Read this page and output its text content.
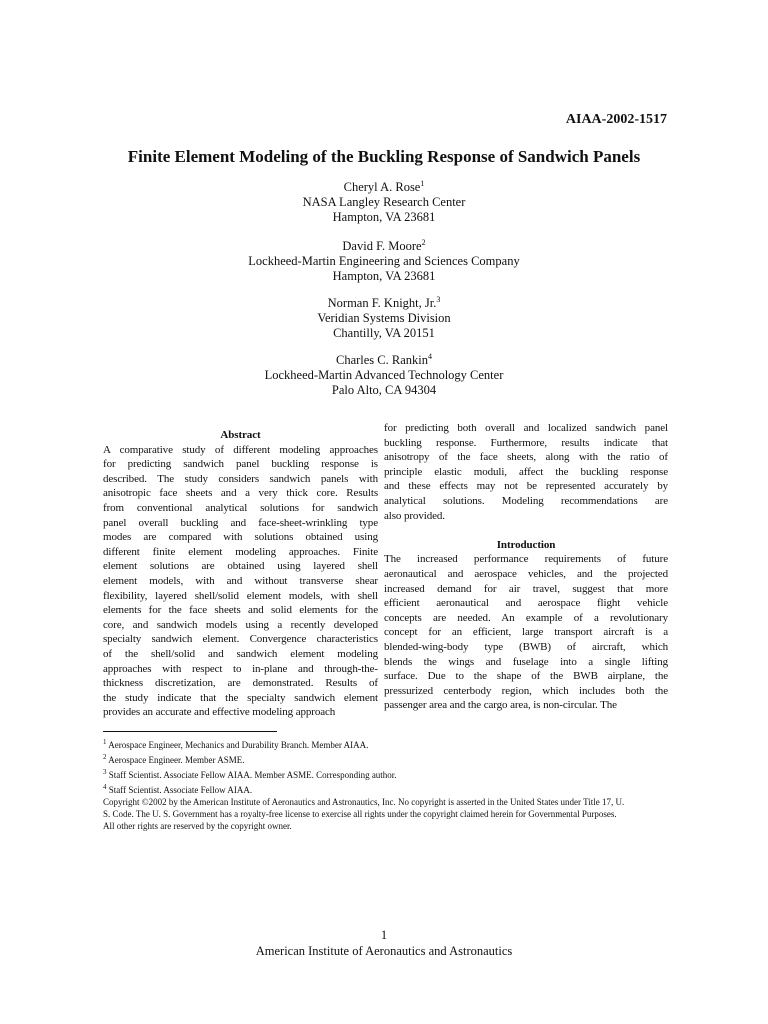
AIAA-2002-1517
Finite Element Modeling of the Buckling Response of Sandwich Panels
Cheryl A. Rose$^1$
NASA Langley Research Center
Hampton, VA 23681
David F. Moore$^2$
Lockheed-Martin Engineering and Sciences Company
Hampton, VA 23681
Norman F. Knight, Jr.$^3$
Veridian Systems Division
Chantilly, VA 20151
Charles C. Rankin$^4$
Lockheed-Martin Advanced Technology Center
Palo Alto, CA 94304
Abstract
A comparative study of different modeling approaches
for predicting sandwich panel buckling response is
described. The study considers sandwich panels with
anisotropic face sheets and a very thick core. Results
from conventional analytical solutions for sandwich
panel overall buckling and face-sheet-wrinkling type
modes are compared with solutions obtained using
different finite element modeling approaches. Finite
element solutions are obtained using layered shell
element models, with and without transverse shear
flexibility, layered shell/solid element models, with shell
elements for the face sheets and solid elements for the
core, and sandwich models using a recently developed
specialty sandwich element. Convergence characteristics
of the shell/solid and sandwich element modeling
approaches with respect to in-plane and through-the-
thickness discretization, are demonstrated. Results of
the study indicate that the specialty sandwich element
provides an accurate and effective modeling approach
for predicting both overall and localized sandwich panel
buckling response. Furthermore, results indicate that
anisotropy of the face sheets, along with the ratio of
principle elastic moduli, affect the buckling response
and these effects may not be represented accurately by
analytical solutions. Modeling recommendations are
also provided.
Introduction
The increased performance requirements of future
aeronautical and aerospace vehicles, and the projected
increased demand for air travel, suggest that more
efficient aeronautical and aerospace flight vehicle
concepts are needed. An example of a revolutionary
concept for an efficient, large transport aircraft is a
blended-wing-body type (BWB) of aircraft, which
blends the wings and fuselage into a single lifting
surface. Due to the shape of the BWB airplane, the
pressurized centerbody region, which includes both the
passenger area and the cargo area, is non-circular. The
$^1$ Aerospace Engineer, Mechanics and Durability Branch. Member AIAA.
$^2$ Aerospace Engineer. Member ASME.
$^3$ Staff Scientist. Associate Fellow AIAA. Member ASME. Corresponding author.
$^4$ Staff Scientist. Associate Fellow AIAA.
Copyright ©2002 by the American Institute of Aeronautics and Astronautics, Inc. No copyright is asserted in the United States under Title 17, U.
S. Code. The U. S. Government has a royalty-free license to exercise all rights under the copyright claimed herein for Governmental Purposes.
All other rights are reserved by the copyright owner.
1
American Institute of Aeronautics and Astronautics
